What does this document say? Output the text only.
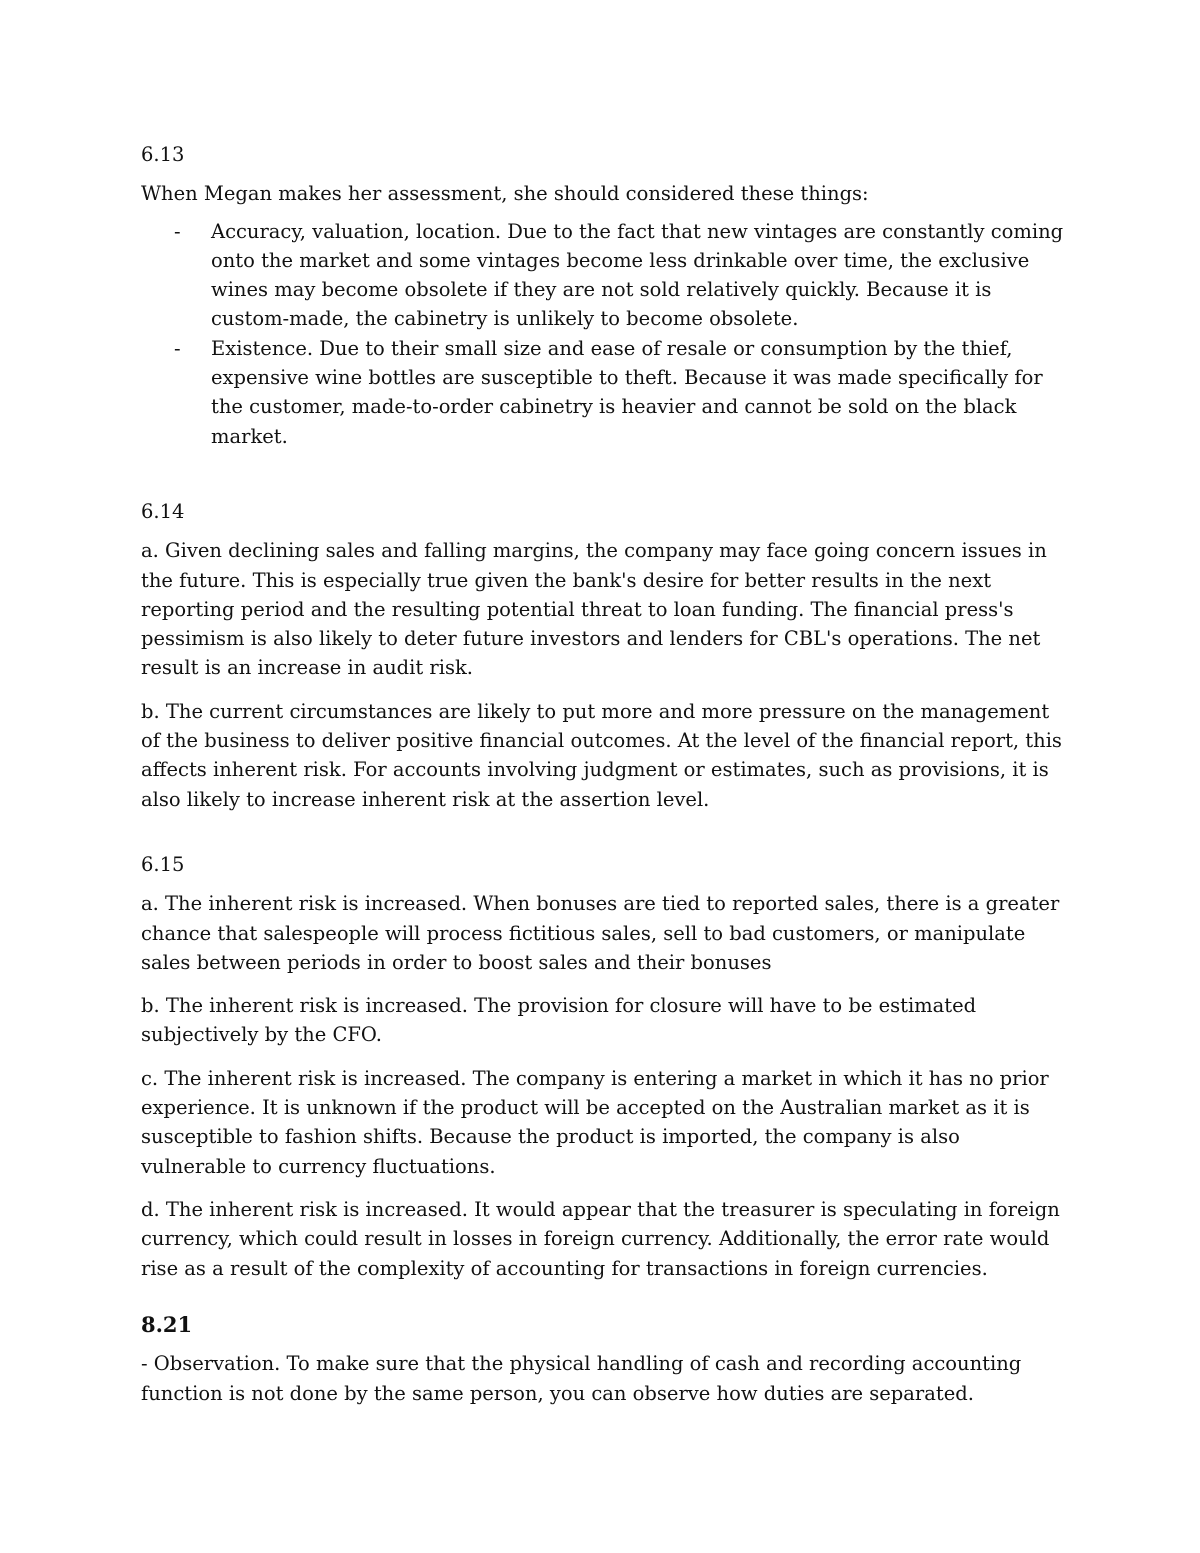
6.13

When Megan makes her assessment, she should considered these things:

- Accuracy, valuation, location. Due to the fact that new vintages are constantly coming onto the market and some vintages become less drinkable over time, the exclusive wines may become obsolete if they are not sold relatively quickly. Because it is custom-made, the cabinetry is unlikely to become obsolete.
- Existence. Due to their small size and ease of resale or consumption by the thief, expensive wine bottles are susceptible to theft. Because it was made specifically for the customer, made-to-order cabinetry is heavier and cannot be sold on the black market.

6.14

a. Given declining sales and falling margins, the company may face going concern issues in the future. This is especially true given the bank's desire for better results in the next reporting period and the resulting potential threat to loan funding. The financial press's pessimism is also likely to deter future investors and lenders for CBL's operations. The net result is an increase in audit risk.

b. The current circumstances are likely to put more and more pressure on the management of the business to deliver positive financial outcomes. At the level of the financial report, this affects inherent risk. For accounts involving judgment or estimates, such as provisions, it is also likely to increase inherent risk at the assertion level.

6.15

a. The inherent risk is increased. When bonuses are tied to reported sales, there is a greater chance that salespeople will process fictitious sales, sell to bad customers, or manipulate sales between periods in order to boost sales and their bonuses

b. The inherent risk is increased. The provision for closure will have to be estimated subjectively by the CFO.

c. The inherent risk is increased. The company is entering a market in which it has no prior experience. It is unknown if the product will be accepted on the Australian market as it is susceptible to fashion shifts. Because the product is imported, the company is also vulnerable to currency fluctuations.

d. The inherent risk is increased. It would appear that the treasurer is speculating in foreign currency, which could result in losses in foreign currency. Additionally, the error rate would rise as a result of the complexity of accounting for transactions in foreign currencies.

8.21

- Observation. To make sure that the physical handling of cash and recording accounting function is not done by the same person, you can observe how duties are separated.
